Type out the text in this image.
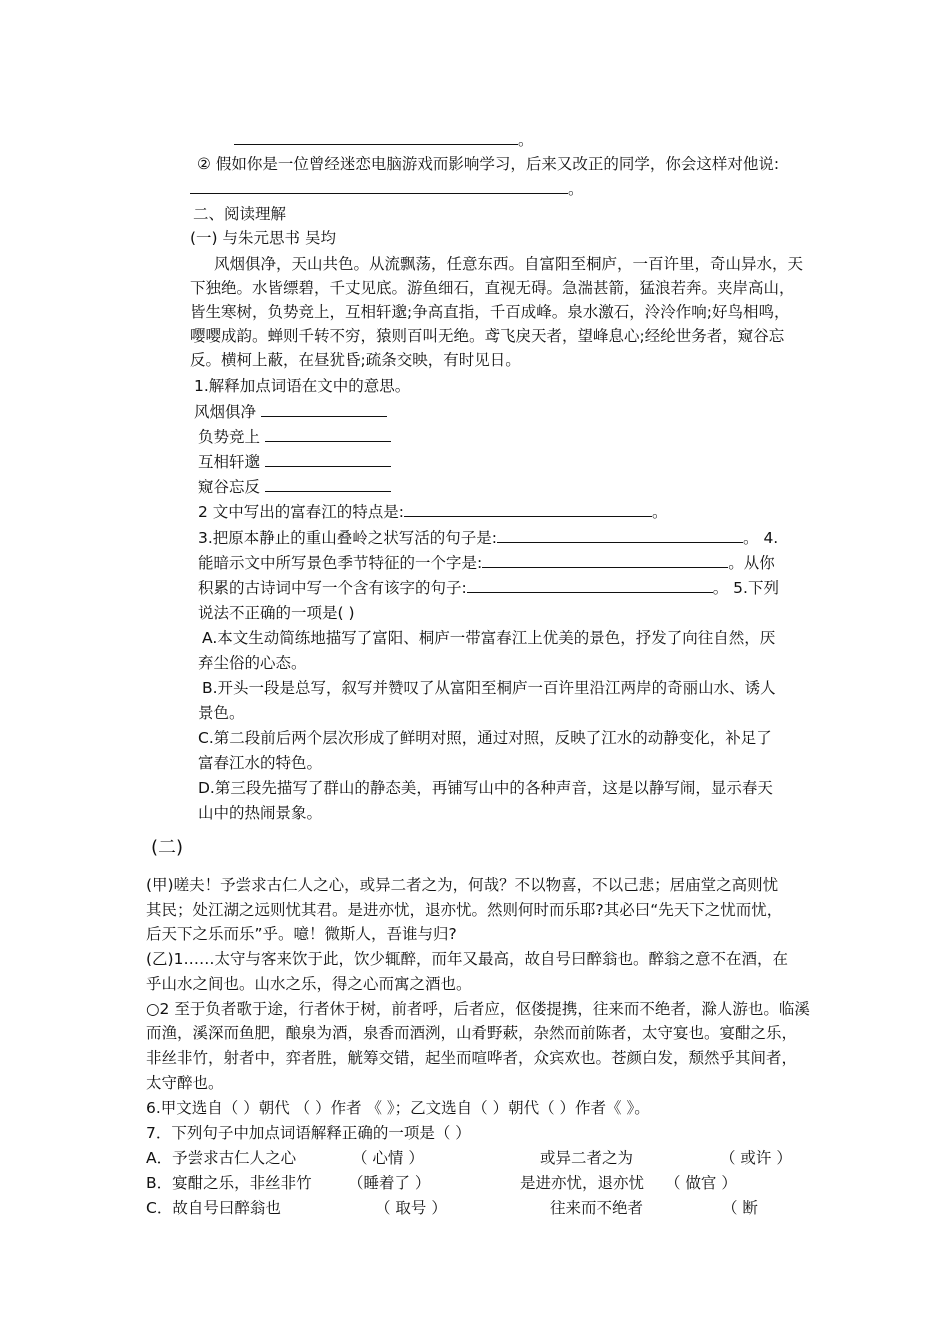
。
② 假如你是一位曾经迷恋电脑游戏而影响学习，后来又改正的同学，你会这样对他说:
。
二、阅读理解
(一) 与朱元思书 吴均
风烟俱净，天山共色。从流飘荡，任意东西。自富阳至桐庐，一百许里，奇山异水，天
下独绝。水皆缥碧，千丈见底。游鱼细石，直视无碍。急湍甚箭，猛浪若奔。夹岸高山，
皆生寒树，负势竞上，互相轩邈;争高直指，千百成峰。泉水激石，泠泠作响;好鸟相鸣，
嘤嘤成韵。蝉则千转不穷，猿则百叫无绝。鸢飞戾天者，望峰息心;经纶世务者，窥谷忘
反。横柯上蔽，在昼犹昏;疏条交映，有时见日。
1.解释加点词语在文中的意思。
风烟俱净
负势竞上
互相轩邈
窥谷忘反
2 文中写出的富春江的特点是:	。
3.把原本静止的重山叠岭之状写活的句子是:	。 4.
能暗示文中所写景色季节特征的一个字是:	。从你
积累的古诗词中写一个含有该字的句子:	。 5.下列
说法不正确的一项是( )
A.本文生动简练地描写了富阳、桐庐一带富春江上优美的景色，抒发了向往自然，厌
弃尘俗的心态。
B.开头一段是总写，叙写并赞叹了从富阳至桐庐一百许里沿江两岸的奇丽山水、诱人
景色。
C.第二段前后两个层次形成了鲜明对照，通过对照，反映了江水的动静变化，补足了
富春江水的特色。
D.第三段先描写了群山的静态美，再铺写山中的各种声音，这是以静写闹，显示春天
山中的热闹景象。
(二)
(甲)嗟夫！予尝求古仁人之心，或异二者之为，何哉？不以物喜，不以己悲；居庙堂之高则忧
其民；处江湖之远则忧其君。是进亦忧，退亦忧。然则何时而乐耶?其必曰“先天下之忧而忧，
后天下之乐而乐”乎。噫！微斯人，吾谁与归?
(乙)1……太守与客来饮于此，饮少辄醉，而年又最高，故自号曰醉翁也。醉翁之意不在酒，在
乎山水之间也。山水之乐，得之心而寓之酒也。
○2 至于负者歌于途，行者休于树，前者呼，后者应，伛偻提携，往来而不绝者，滁人游也。临溪
而渔，溪深而鱼肥，酿泉为酒，泉香而酒洌，山肴野蔌，杂然而前陈者，太守宴也。宴酣之乐，
非丝非竹，射者中，弈者胜，觥筹交错，起坐而喧哗者，众宾欢也。苍颜白发，颓然乎其间者，
太守醉也。
6.甲文选自（ ）朝代 （ ）作者 《 》；乙文选自（ ）朝代（ ）作者《 》。
7．下列句子中加点词语解释正确的一项是（ ）
A．予尝求古仁人之心	（ 心情 ）	或异二者之为	（ 或许 ）
B．宴酣之乐，非丝非竹 （睡着了 ）	是进亦忧，退亦忧 （ 做官 ）
C．故自号曰醉翁也	（ 取号 ）	往来而不绝者	（ 断
